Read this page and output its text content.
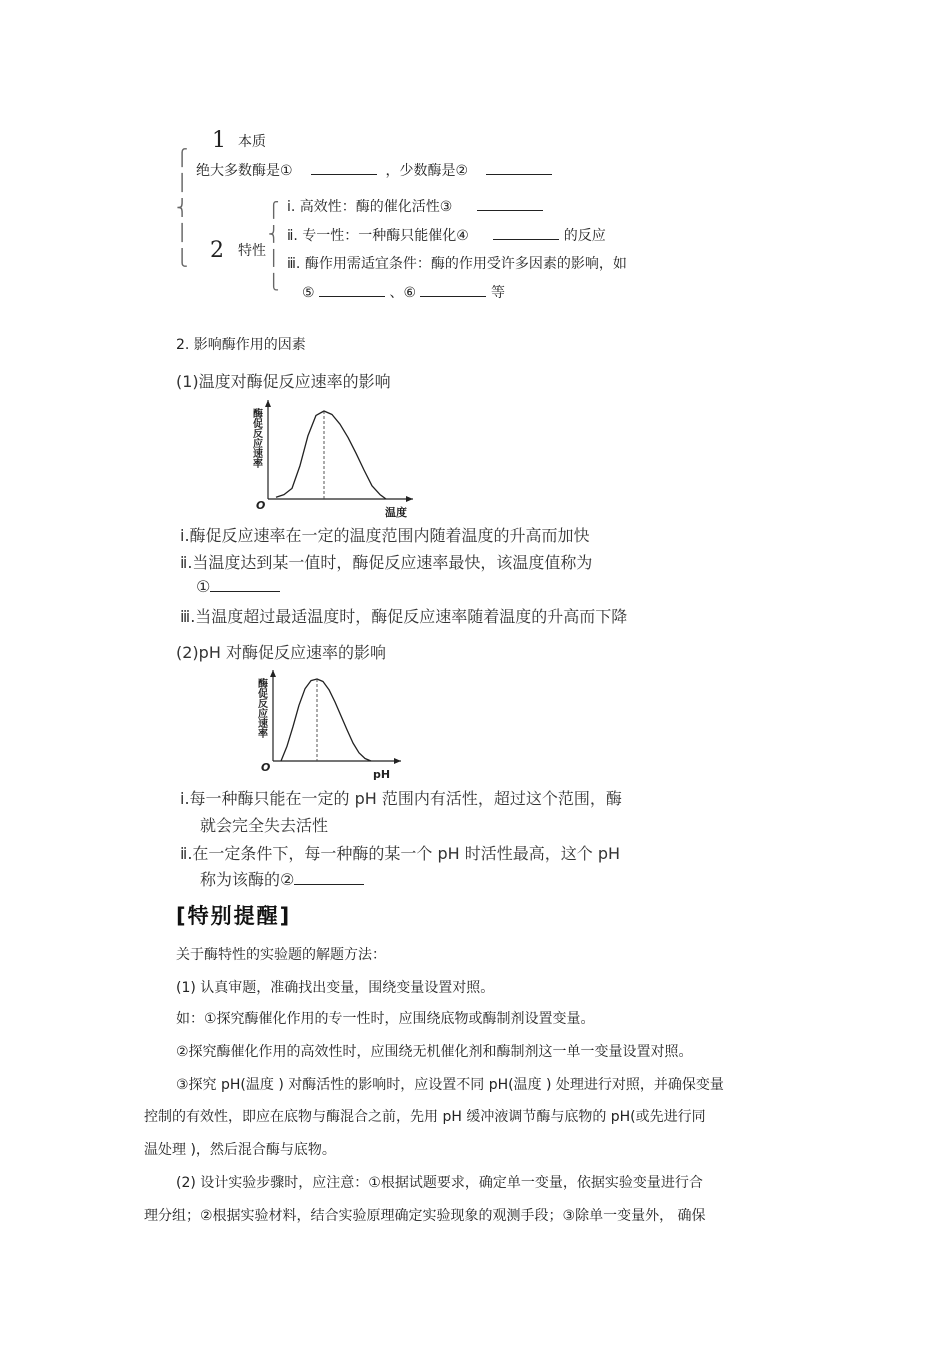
1 本质
⎧
⎪
⎨
⎪
⎩
绝大多数酶是①	，少数酶是②
2 特性
⎧
⎨
⎪
⎩
ⅰ. 高效性：酶的催化活性③
ⅱ. 专一性：一种酶只能催化④	的反应
ⅲ. 酶作用需适宜条件：酶的作用受许多因素的影响，如
⑤	、⑥	等
2. 影响酶作用的因素
(1)温度对酶促反应速率的影响
O
温度
酶促反应速率
ⅰ.酶促反应速率在一定的温度范围内随着温度的升高而加快
ⅱ.当温度达到某一值时，酶促反应速率最快，该温度值称为
①
ⅲ.当温度超过最适温度时，酶促反应速率随着温度的升高而下降
(2)pH 对酶促反应速率的影响
O
pH
酶促反应速率
ⅰ.每一种酶只能在一定的 pH 范围内有活性，超过这个范围，酶
就会完全失去活性
ⅱ.在一定条件下，每一种酶的某一个 pH 时活性最高，这个 pH
称为该酶的②
[特别提醒]
关于酶特性的实验题的解题方法：
(1) 认真审题，准确找出变量，围绕变量设置对照。
如：①探究酶催化作用的专一性时，应围绕底物或酶制剂设置变量。
②探究酶催化作用的高效性时，应围绕无机催化剂和酶制剂这一单一变量设置对照。
③探究 pH(温度 ) 对酶活性的影响时，应设置不同 pH(温度 ) 处理进行对照，并确保变量
控制的有效性，即应在底物与酶混合之前，先用 pH 缓冲液调节酶与底物的 pH(或先进行同
温处理 )，然后混合酶与底物。
(2) 设计实验步骤时，应注意：①根据试题要求，确定单一变量，依据实验变量进行合
理分组；②根据实验材料，结合实验原理确定实验现象的观测手段；③除单一变量外， 确保
